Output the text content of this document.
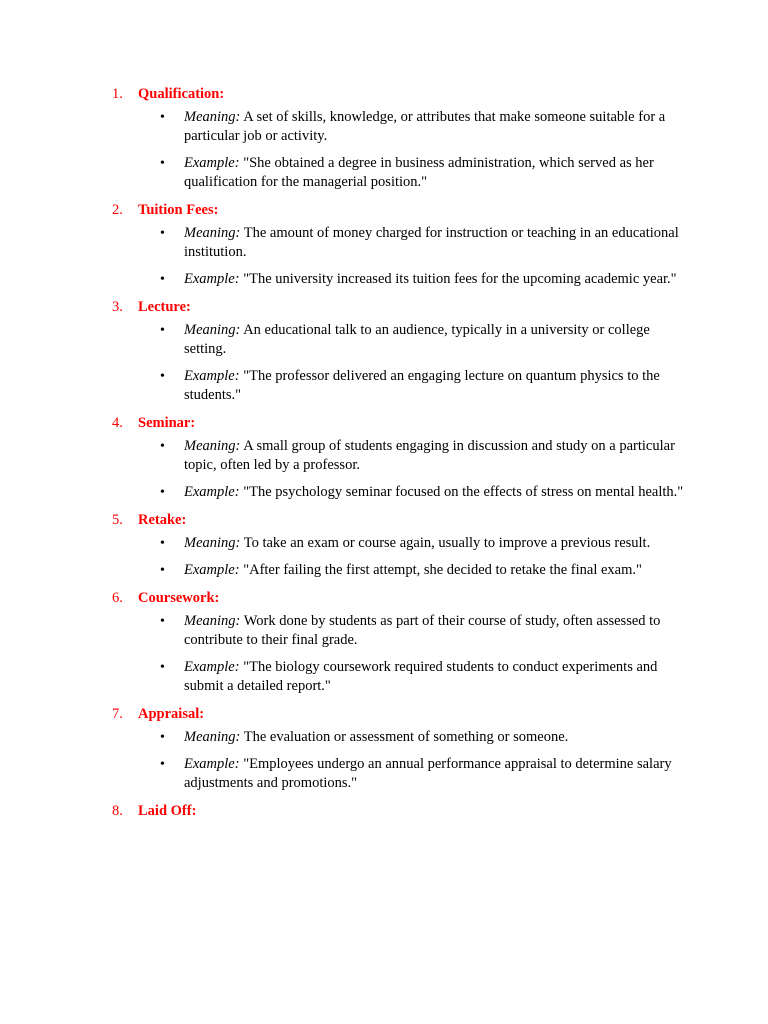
1. Qualification:
• Meaning: A set of skills, knowledge, or attributes that make someone suitable for a particular job or activity.
• Example: "She obtained a degree in business administration, which served as her qualification for the managerial position."
2. Tuition Fees:
• Meaning: The amount of money charged for instruction or teaching in an educational institution.
• Example: "The university increased its tuition fees for the upcoming academic year."
3. Lecture:
• Meaning: An educational talk to an audience, typically in a university or college setting.
• Example: "The professor delivered an engaging lecture on quantum physics to the students."
4. Seminar:
• Meaning: A small group of students engaging in discussion and study on a particular topic, often led by a professor.
• Example: "The psychology seminar focused on the effects of stress on mental health."
5. Retake:
• Meaning: To take an exam or course again, usually to improve a previous result.
• Example: "After failing the first attempt, she decided to retake the final exam."
6. Coursework:
• Meaning: Work done by students as part of their course of study, often assessed to contribute to their final grade.
• Example: "The biology coursework required students to conduct experiments and submit a detailed report."
7. Appraisal:
• Meaning: The evaluation or assessment of something or someone.
• Example: "Employees undergo an annual performance appraisal to determine salary adjustments and promotions."
8. Laid Off:
